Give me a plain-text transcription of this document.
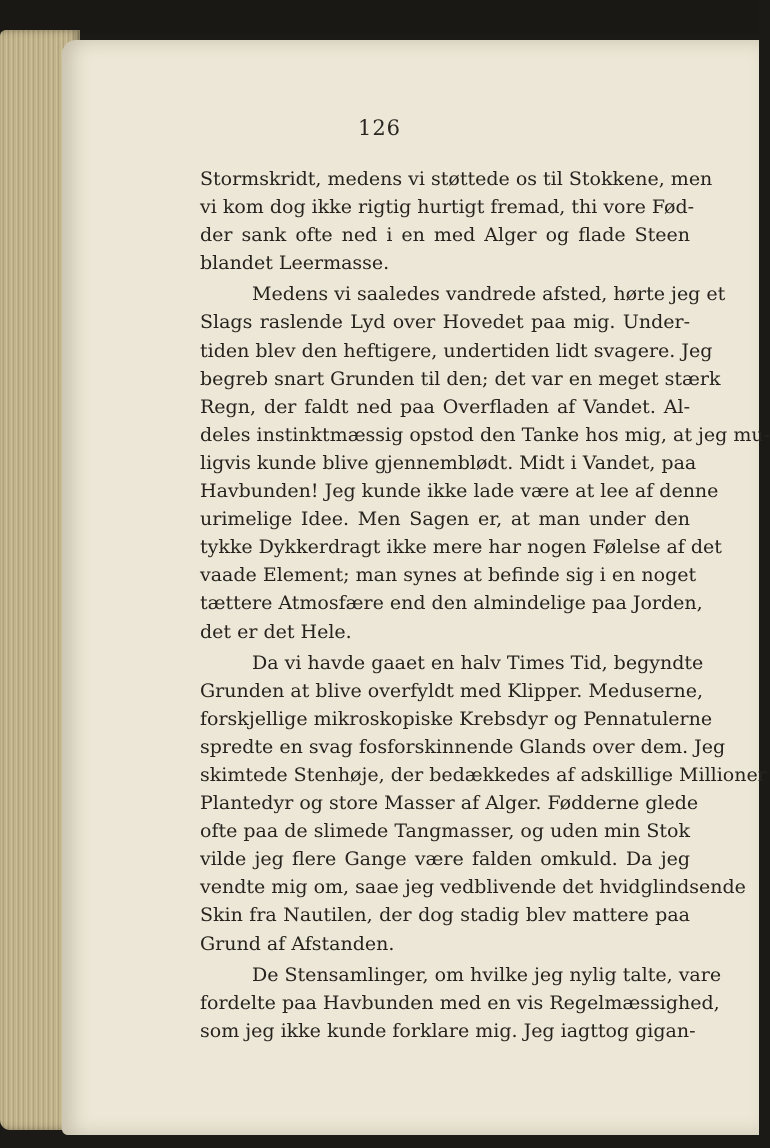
126
Stormskridt, medens vi støttede os til Stokkene, men
vi kom dog ikke rigtig hurtigt fremad, thi vore Fød-
der sank ofte ned i en med Alger og flade Steen
blandet Leermasse.
Medens vi saaledes vandrede afsted, hørte jeg et
Slags raslende Lyd over Hovedet paa mig. Under-
tiden blev den heftigere, undertiden lidt svagere. Jeg
begreb snart Grunden til den; det var en meget stærk
Regn, der faldt ned paa Overfladen af Vandet. Al-
deles instinktmæssig opstod den Tanke hos mig, at jeg mu-
ligvis kunde blive gjennemblødt. Midt i Vandet, paa
Havbunden! Jeg kunde ikke lade være at lee af denne
urimelige Idee. Men Sagen er, at man under den
tykke Dykkerdragt ikke mere har nogen Følelse af det
vaade Element; man synes at befinde sig i en noget
tættere Atmosfære end den almindelige paa Jorden,
det er det Hele.
Da vi havde gaaet en halv Times Tid, begyndte
Grunden at blive overfyldt med Klipper. Meduserne,
forskjellige mikroskopiske Krebsdyr og Pennatulerne
spredte en svag fosforskinnende Glands over dem. Jeg
skimtede Stenhøje, der bedækkedes af adskillige Millioner
Plantedyr og store Masser af Alger. Fødderne glede
ofte paa de slimede Tangmasser, og uden min Stok
vilde jeg flere Gange være falden omkuld. Da jeg
vendte mig om, saae jeg vedblivende det hvidglindsende
Skin fra Nautilen, der dog stadig blev mattere paa
Grund af Afstanden.
De Stensamlinger, om hvilke jeg nylig talte, vare
fordelte paa Havbunden med en vis Regelmæssighed,
som jeg ikke kunde forklare mig. Jeg iagttog gigan-
